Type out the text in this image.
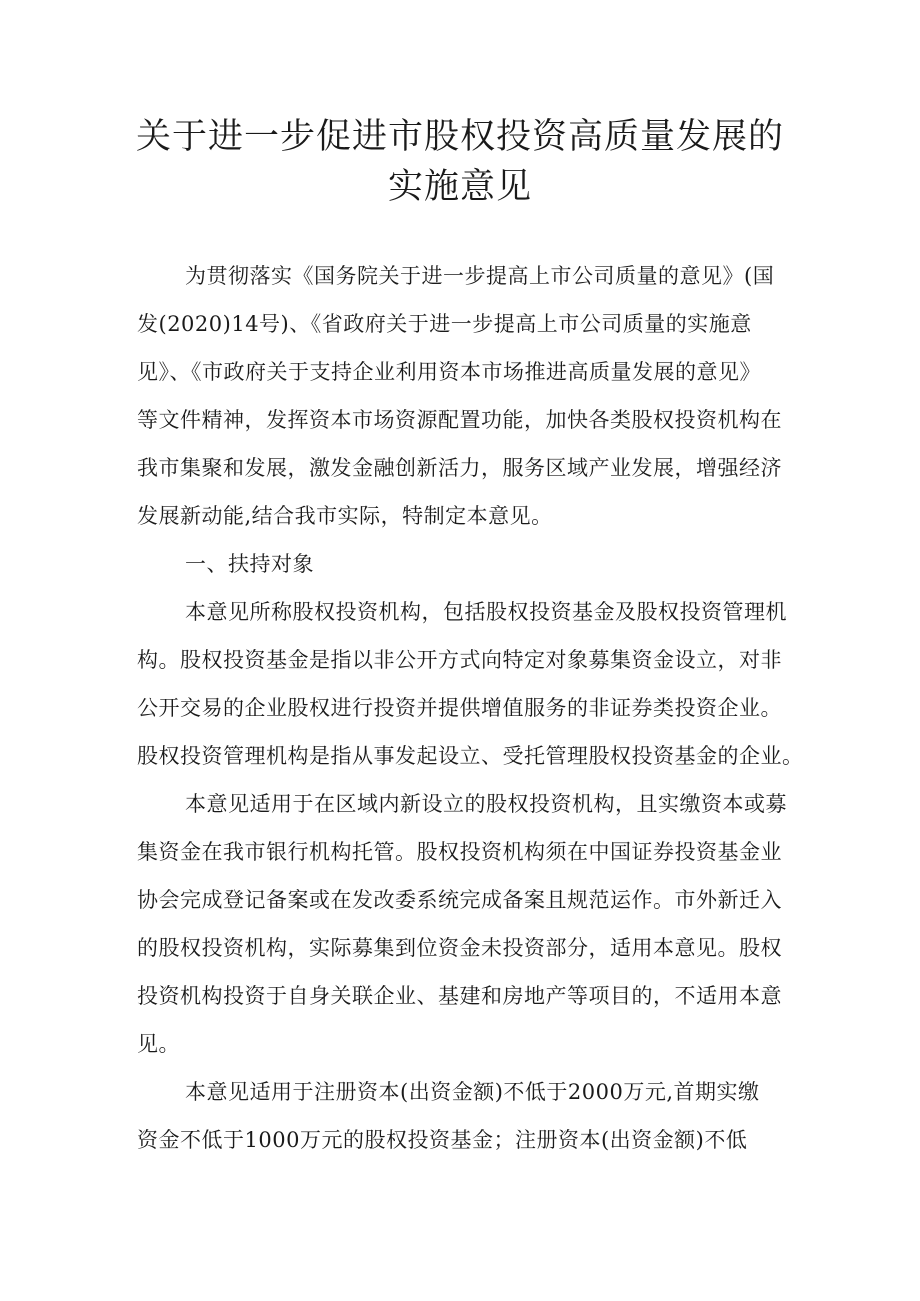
关于进一步促进市股权投资高质量发展的
实施意见

为贯彻落实《国务院关于进一步提高上市公司质量的意见》(国
发(2020)14号)、《省政府关于进一步提高上市公司质量的实施意
见》、《市政府关于支持企业利用资本市场推进高质量发展的意见》
等文件精神，发挥资本市场资源配置功能，加快各类股权投资机构在
我市集聚和发展，激发金融创新活力，服务区域产业发展，增强经济
发展新动能,结合我市实际，特制定本意见。

一、扶持对象

本意见所称股权投资机构，包括股权投资基金及股权投资管理机
构。股权投资基金是指以非公开方式向特定对象募集资金设立，对非
公开交易的企业股权进行投资并提供增值服务的非证券类投资企业。
股权投资管理机构是指从事发起设立、受托管理股权投资基金的企业。

本意见适用于在区域内新设立的股权投资机构，且实缴资本或募
集资金在我市银行机构托管。股权投资机构须在中国证券投资基金业
协会完成登记备案或在发改委系统完成备案且规范运作。市外新迁入
的股权投资机构，实际募集到位资金未投资部分，适用本意见。股权
投资机构投资于自身关联企业、基建和房地产等项目的，不适用本意
见。

本意见适用于注册资本(出资金额)不低于2000万元,首期实缴
资金不低于1000万元的股权投资基金；注册资本(出资金额)不低
